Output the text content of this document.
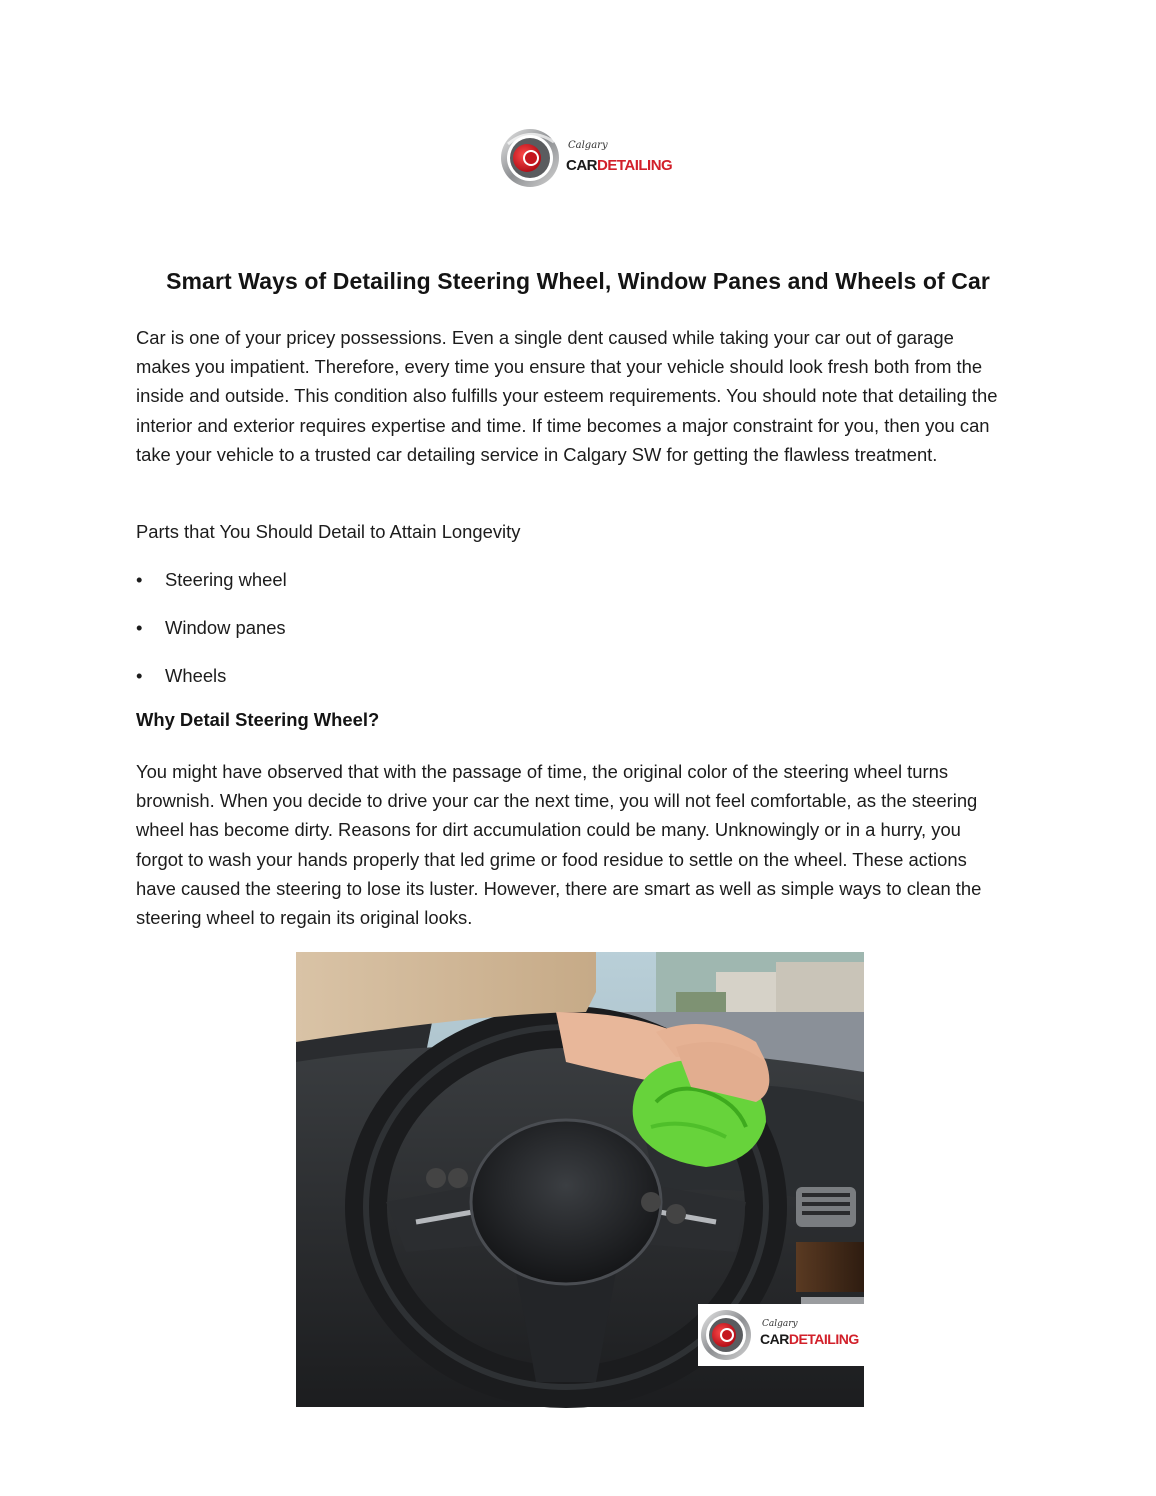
Calgary
CARDETAILING
Smart Ways of Detailing Steering Wheel, Window Panes and Wheels of Car

Car is one of your pricey possessions. Even a single dent caused while taking your car out of garage makes you impatient. Therefore, every time you ensure that your vehicle should look fresh both from the inside and outside. This condition also fulfills your esteem requirements. You should note that detailing the interior and exterior requires expertise and time. If time becomes a major constraint for you, then you can take your vehicle to a trusted car detailing service in Calgary SW for getting the flawless treatment.

Parts that You Should Detail to Attain Longevity

• Steering wheel
• Window panes
• Wheels
Why Detail Steering Wheel?

You might have observed that with the passage of time, the original color of the steering wheel turns brownish. When you decide to drive your car the next time, you will not feel comfortable, as the steering wheel has become dirty. Reasons for dirt accumulation could be many. Unknowingly or in a hurry, you forgot to wash your hands properly that led grime or food residue to settle on the wheel. These actions have caused the steering to lose its luster. However, there are smart as well as simple ways to clean the steering wheel to regain its original looks.

Calgary
CARDETAILING
